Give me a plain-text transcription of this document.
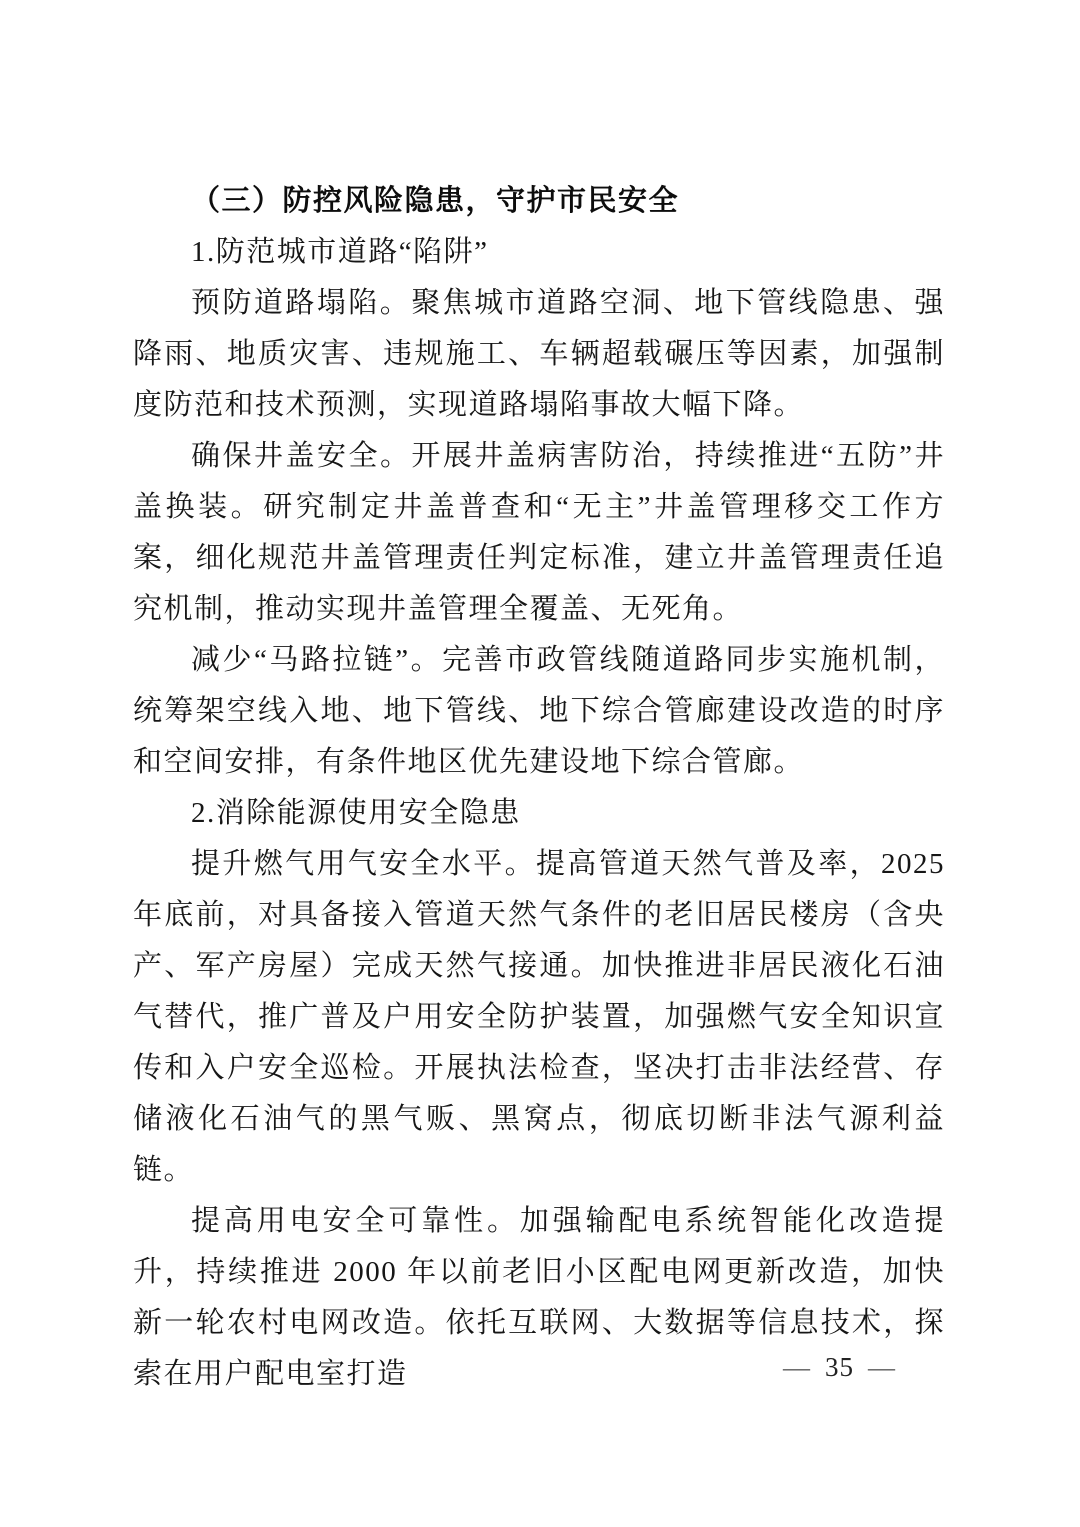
（三）防控风险隐患，守护市民安全
1.防范城市道路“陷阱”
预防道路塌陷。聚焦城市道路空洞、地下管线隐患、强降雨、地质灾害、违规施工、车辆超载碾压等因素，加强制度防范和技术预测，实现道路塌陷事故大幅下降。
确保井盖安全。开展井盖病害防治，持续推进“五防”井盖换装。研究制定井盖普查和“无主”井盖管理移交工作方案，细化规范井盖管理责任判定标准，建立井盖管理责任追究机制，推动实现井盖管理全覆盖、无死角。
减少“马路拉链”。完善市政管线随道路同步实施机制，统筹架空线入地、地下管线、地下综合管廊建设改造的时序和空间安排，有条件地区优先建设地下综合管廊。
2.消除能源使用安全隐患
提升燃气用气安全水平。提高管道天然气普及率，2025 年底前，对具备接入管道天然气条件的老旧居民楼房（含央产、军产房屋）完成天然气接通。加快推进非居民液化石油气替代，推广普及户用安全防护装置，加强燃气安全知识宣传和入户安全巡检。开展执法检查，坚决打击非法经营、存储液化石油气的黑气贩、黑窝点，彻底切断非法气源利益链。
提高用电安全可靠性。加强输配电系统智能化改造提升，持续推进 2000 年以前老旧小区配电网更新改造，加快新一轮农村电网改造。依托互联网、大数据等信息技术，探索在用户配电室打造	— 35 —
